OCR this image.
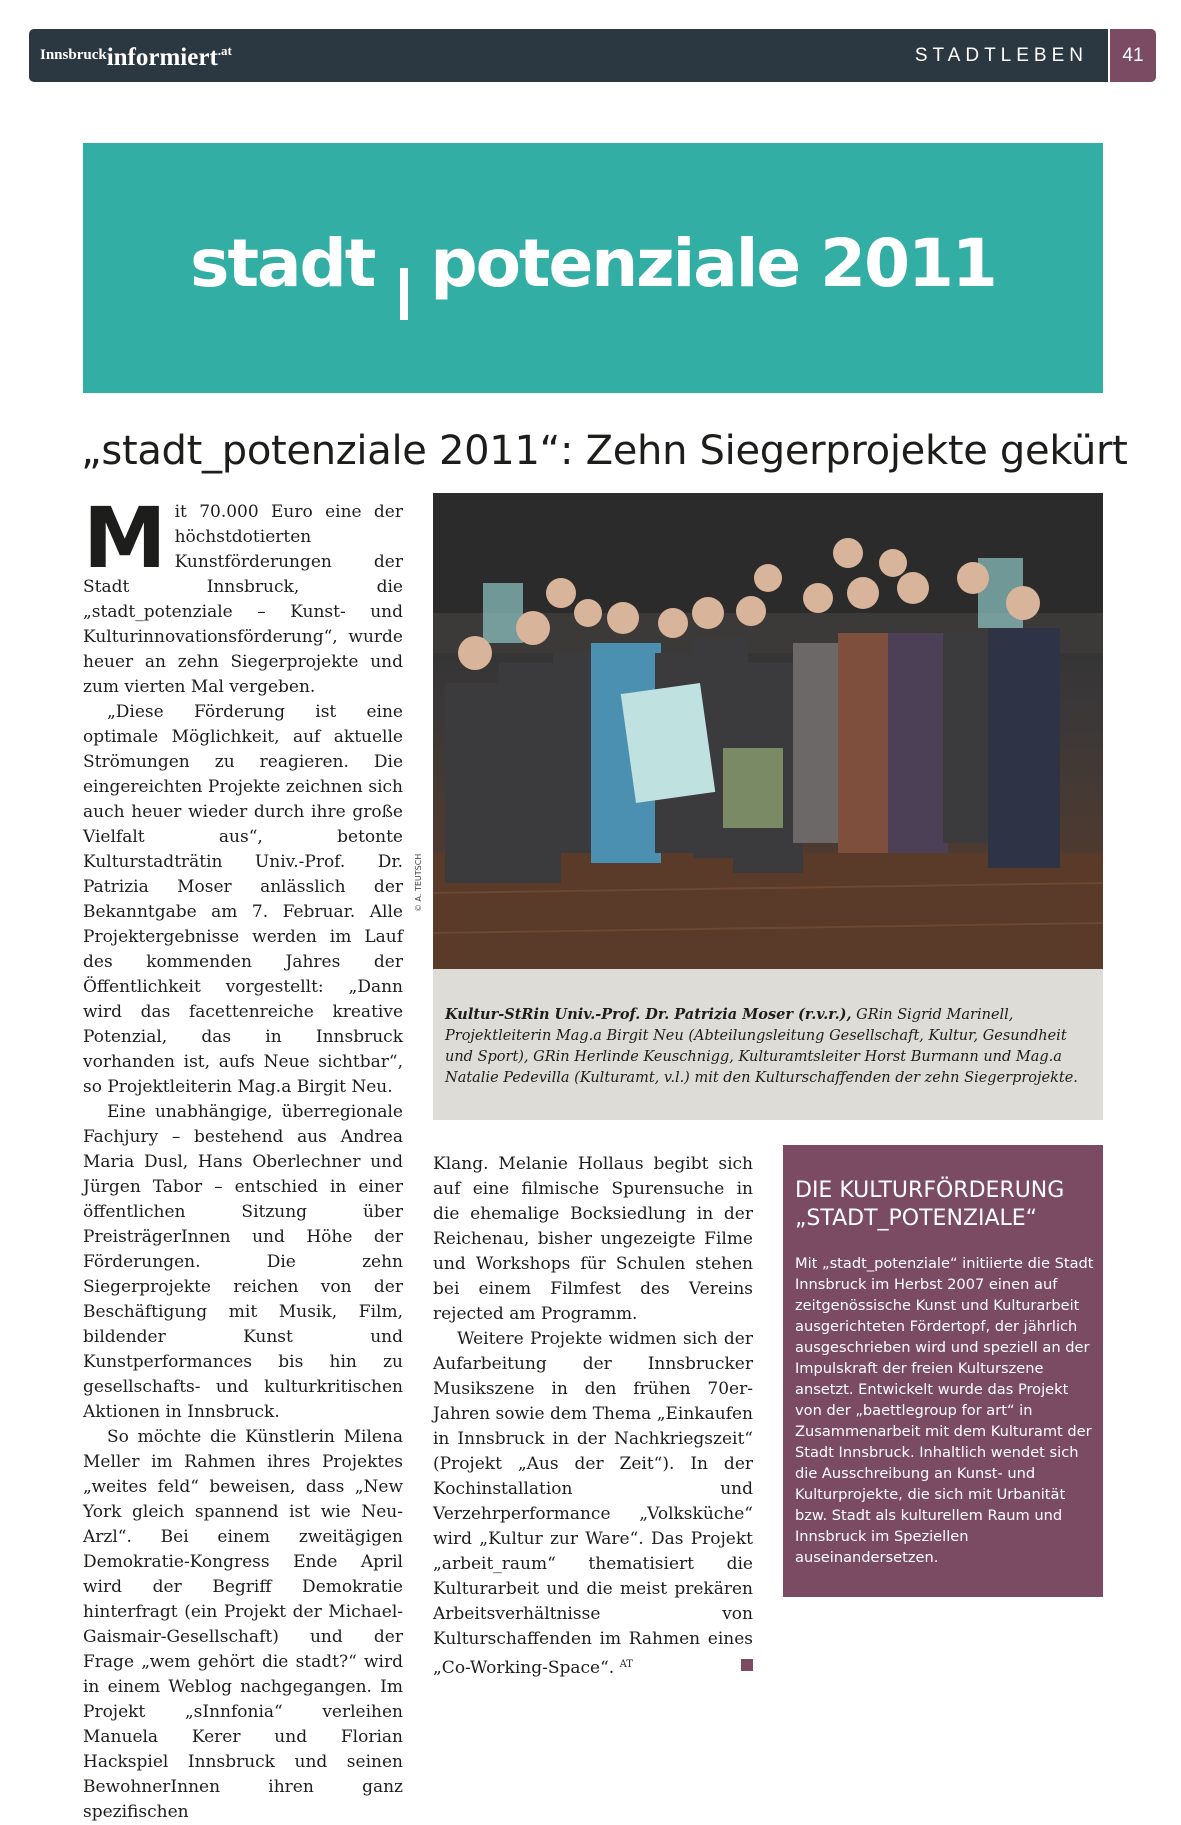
Innsbruckinformiert$^{.at}$	STADTLEBEN	41
stadt potenziale 2011
„stadt_potenziale 2011“: Zehn Siegerprojekte gekürt

Mit 70.000 Euro eine der höchstdotierten Kunstförderungen der Stadt Innsbruck, die „stadt_potenziale – Kunst- und Kulturinnovationsförderung“, wurde heuer an zehn Siegerprojekte und zum vierten Mal vergeben.

„Diese Förderung ist eine optimale Möglichkeit, auf aktuelle Strömungen zu reagieren. Die eingereichten Projekte zeichnen sich auch heuer wieder durch ihre große Vielfalt aus“, betonte Kulturstadträtin Univ.-Prof. Dr. Patrizia Moser anlässlich der Bekanntgabe am 7. Februar. Alle Projektergebnisse werden im Lauf des kommenden Jahres der Öffentlichkeit vorgestellt: „Dann wird das facettenreiche kreative Potenzial, das in Innsbruck vorhanden ist, aufs Neue sichtbar“, so Projektleiterin Mag.a Birgit Neu.

Eine unabhängige, überregionale Fachjury – bestehend aus Andrea Maria Dusl, Hans Oberlechner und Jürgen Tabor – entschied in einer öffentlichen Sitzung über PreisträgerInnen und Höhe der Förderungen. Die zehn Siegerprojekte reichen von der Beschäftigung mit Musik, Film, bildender Kunst und Kunstperformances bis hin zu gesellschafts- und kulturkritischen Aktionen in Innsbruck.

So möchte die Künstlerin Milena Meller im Rahmen ihres Projektes „weites feld“ beweisen, dass „New York gleich spannend ist wie Neu-Arzl“. Bei einem zweitägigen Demokratie-Kongress Ende April wird der Begriff Demokratie hinterfragt (ein Projekt der Michael-Gaismair-Gesellschaft) und der Frage „wem gehört die stadt?“ wird in einem Weblog nachgegangen. Im Projekt „sInnfonia“ verleihen Manuela Kerer und Florian Hackspiel Innsbruck und seinen BewohnerInnen ihren ganz spezifischen

© A. TEUTSCH
Kultur-StRin Univ.-Prof. Dr. Patrizia Moser (r.v.r.), GRin Sigrid Marinell, Projektleiterin Mag.a Birgit Neu (Abteilungsleitung Gesellschaft, Kultur, Gesundheit und Sport), GRin Herlinde Keuschnigg, Kulturamtsleiter Horst Burmann und Mag.a Natalie Pedevilla (Kulturamt, v.l.) mit den Kulturschaffenden der zehn Siegerprojekte.

Klang. Melanie Hollaus begibt sich auf eine filmische Spurensuche in die ehemalige Bocksiedlung in der Reichenau, bisher ungezeigte Filme und Workshops für Schulen stehen bei einem Filmfest des Vereins rejected am Programm.

Weitere Projekte widmen sich der Aufarbeitung der Innsbrucker Musikszene in den frühen 70er-Jahren sowie dem Thema „Einkaufen in Innsbruck in der Nachkriegszeit“ (Projekt „Aus der Zeit“). In der Kochinstallation und Verzehrperformance „Volksküche“ wird „Kultur zur Ware“. Das Projekt „arbeit_raum“ thematisiert die Kulturarbeit und die meist prekären Arbeitsverhältnisse von Kulturschaffenden im Rahmen eines „Co-Working-Space“. $^{AT}$

DIE KULTURFÖRDERUNG „STADT_POTENZIALE“
Mit „stadt_potenziale“ initiierte die Stadt Innsbruck im Herbst 2007 einen auf zeitgenössische Kunst und Kulturarbeit ausgerichteten Fördertopf, der jährlich ausgeschrieben wird und speziell an der Impulskraft der freien Kulturszene ansetzt. Entwickelt wurde das Projekt von der „baettlegroup for art“ in Zusammenarbeit mit dem Kulturamt der Stadt Innsbruck. Inhaltlich wendet sich die Ausschreibung an Kunst- und Kulturprojekte, die sich mit Urbanität bzw. Stadt als kulturellem Raum und Innsbruck im Speziellen auseinandersetzen.
